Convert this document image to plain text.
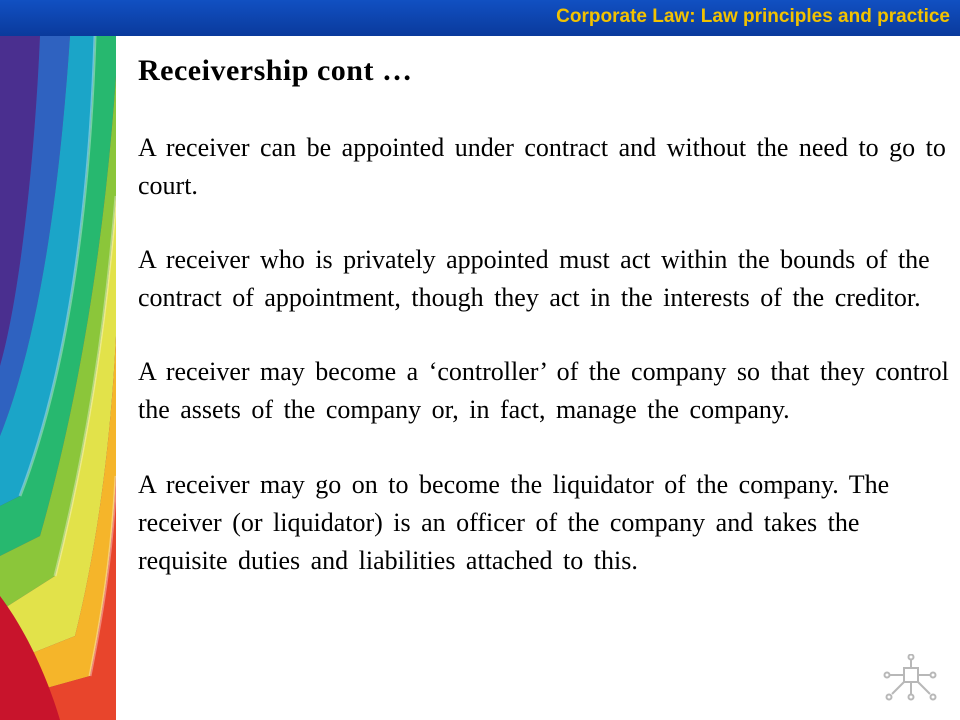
Corporate Law: Law principles and practice
Receivership cont …

A receiver can be appointed under contract and without the need to go to court.

A receiver who is privately appointed must act within the bounds of the contract of appointment, though they act in the interests of the creditor.

A receiver may become a ‘controller’ of the company so that they control the assets of the company or, in fact, manage the company.

A receiver may go on to become the liquidator of the company. The receiver (or liquidator) is an officer of the company and takes the requisite duties and liabilities attached to this.
